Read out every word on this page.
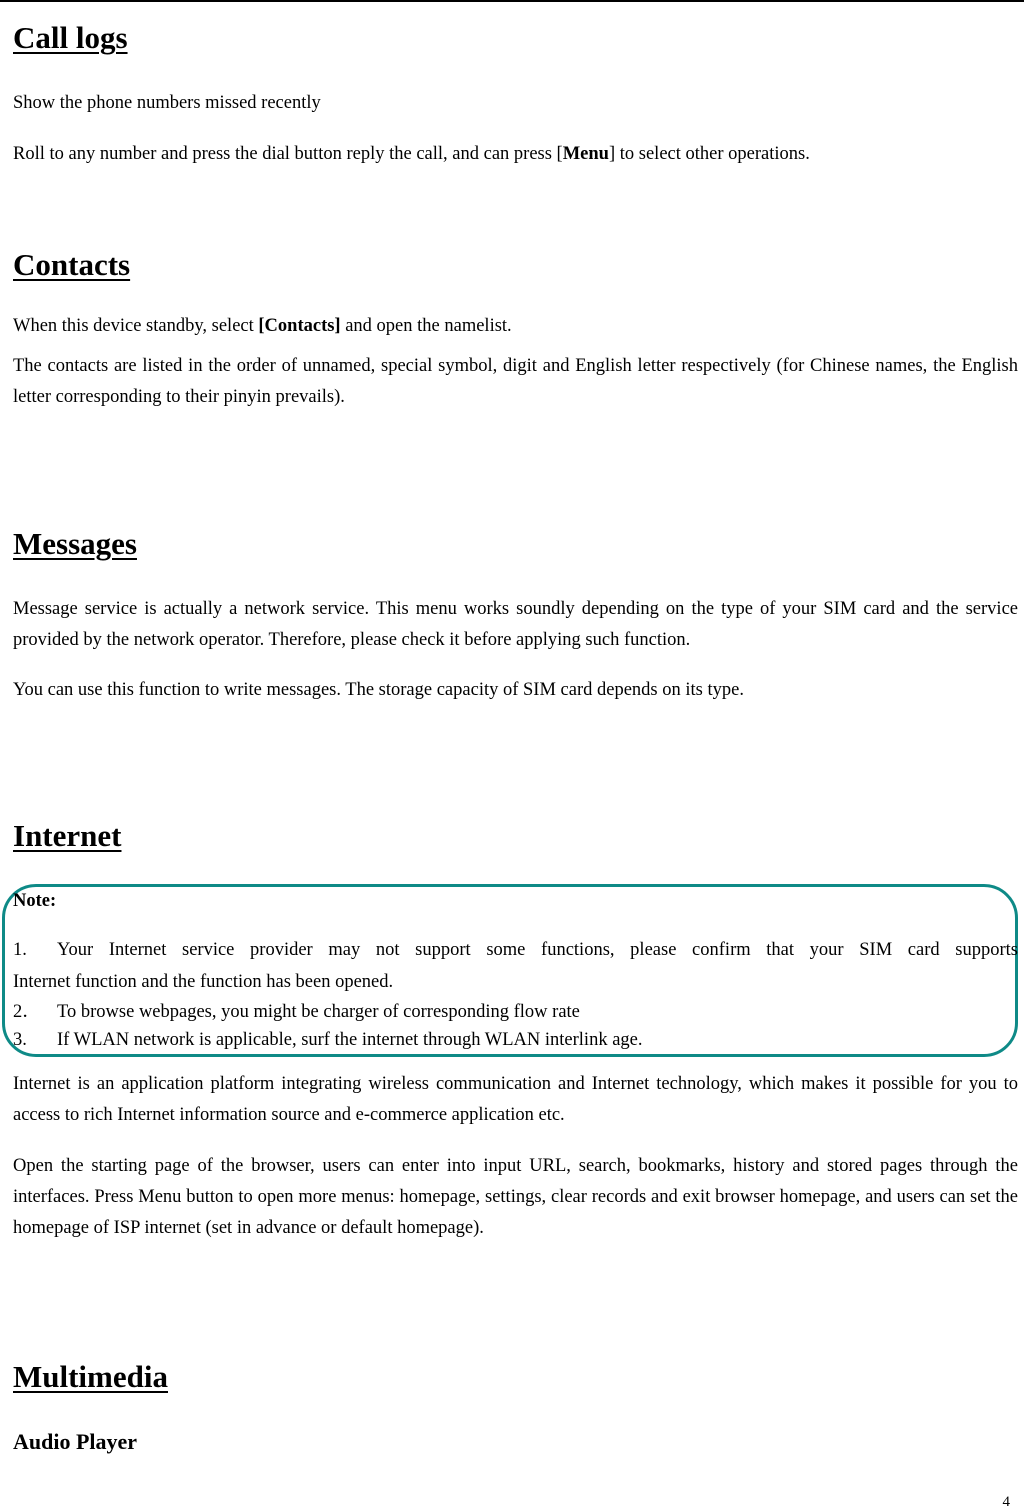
Call logs
Show the phone numbers missed recently
Roll to any number and press the dial button reply the call, and can press [Menu] to select other operations.
Contacts
When this device standby, select [Contacts] and open the namelist.
The contacts are listed in the order of unnamed, special symbol, digit and English letter respectively (for Chinese names, the English letter corresponding to their pinyin prevails).
Messages
Message service is actually a network service. This menu works soundly depending on the type of your SIM card and the service provided by the network operator. Therefore, please check it before applying such function.
You can use this function to write messages. The storage capacity of SIM card depends on its type.
Internet
Note:
1. Your Internet service provider may not support some functions, please confirm that your SIM card supports
Internet function and the function has been opened.
2． To browse webpages, you might be charger of corresponding flow rate
3. If WLAN network is applicable, surf the internet through WLAN interlink age.
Internet is an application platform integrating wireless communication and Internet technology, which makes it possible for you to access to rich Internet information source and e-commerce application etc.
Open the starting page of the browser, users can enter into input URL, search, bookmarks, history and stored pages through the interfaces. Press Menu button to open more menus: homepage, settings, clear records and exit browser homepage, and users can set the homepage of ISP internet (set in advance or default homepage).
Multimedia
Audio Player
4
